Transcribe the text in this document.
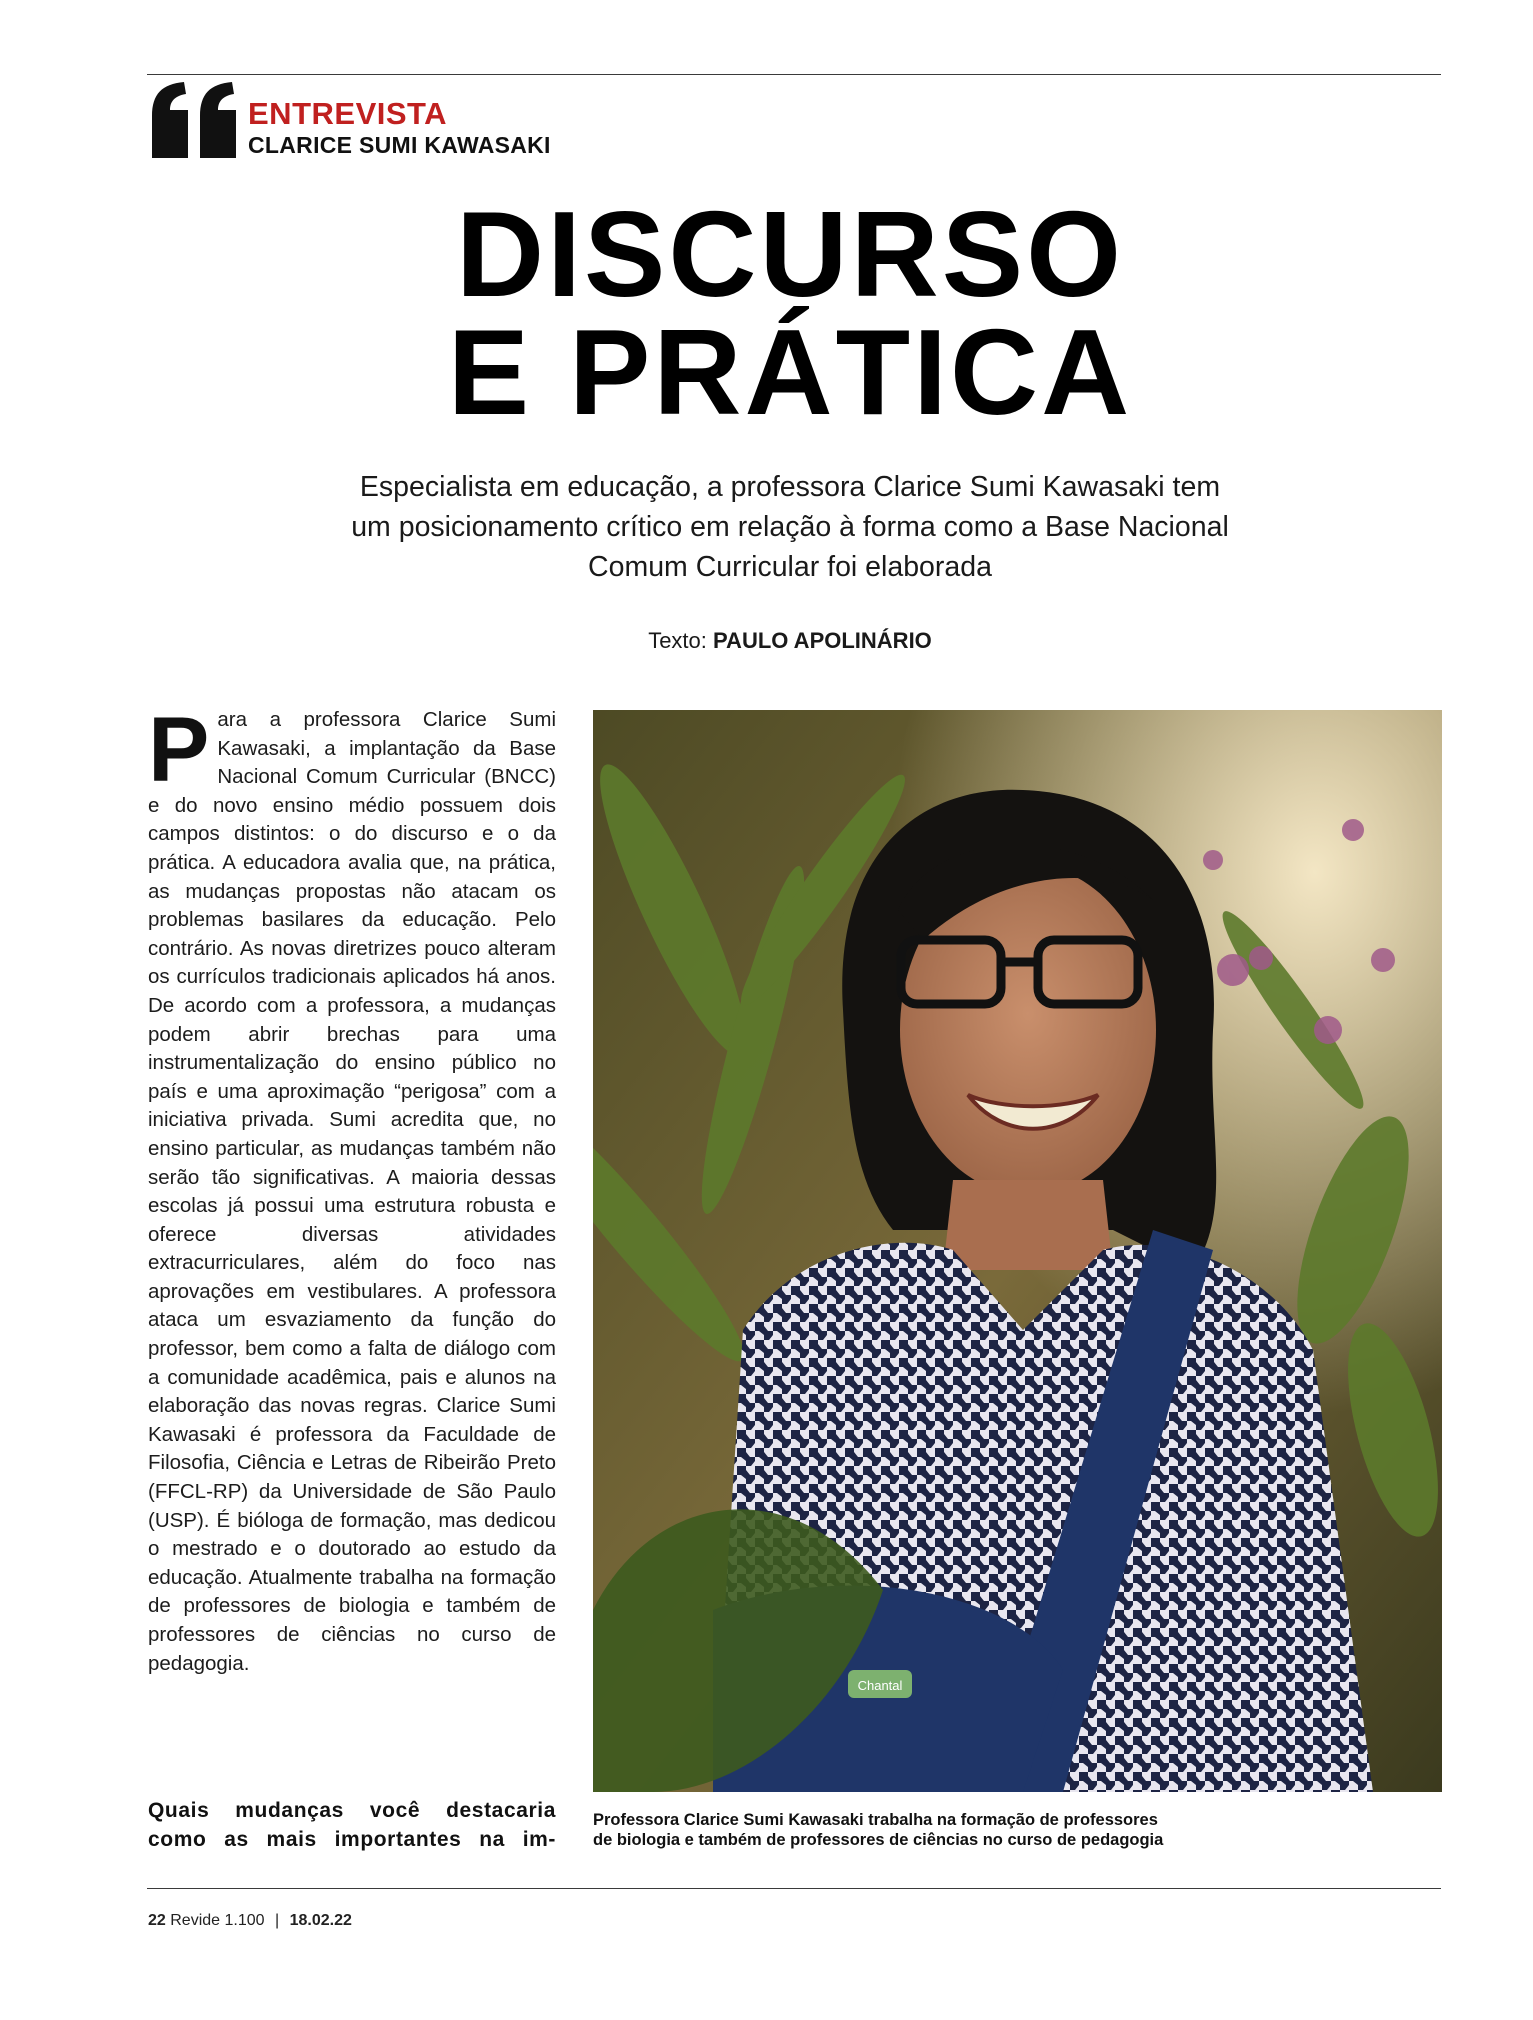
ENTREVISTA
CLARICE SUMI KAWASAKI
DISCURSO
E PRÁTICA
Especialista em educação, a professora Clarice Sumi Kawasaki tem um posicionamento crítico em relação à forma como a Base Nacional Comum Curricular foi elaborada
Texto: PAULO APOLINÁRIO
P ara a professora Clarice Sumi Kawasaki, a implantação da Base Nacional Comum Curricular (BNCC) e do novo ensino médio possuem dois campos distintos: o do discurso e o da prática. A educadora avalia que, na prática, as mudanças propostas não atacam os problemas basilares da educação. Pelo contrário. As novas diretrizes pouco alteram os currículos tradicionais aplicados há anos. De acordo com a professora, a mudanças podem abrir brechas para uma instrumentalização do ensino público no país e uma aproximação “perigosa” com a iniciativa privada. Sumi acredita que, no ensino particular, as mudanças também não serão tão significativas. A maioria dessas escolas já possui uma estrutura robusta e oferece diversas atividades extracurriculares, além do foco nas aprovações em vestibulares. A professora ataca um esvaziamento da função do professor, bem como a falta de diálogo com a comunidade acadêmica, pais e alunos na elaboração das novas regras. Clarice Sumi Kawasaki é professora da Faculdade de Filosofia, Ciência e Letras de Ribeirão Preto (FFCL-RP) da Universidade de São Paulo (USP). É bióloga de formação, mas dedicou o mestrado e o doutorado ao estudo da educação. Atualmente trabalha na formação de professores de biologia e também de professores de ciências no curso de pedagogia.
Quais mudanças você destacaria como as mais importantes na im-
Chantal
Professora Clarice Sumi Kawasaki trabalha na formação de professores
de biologia e também de professores de ciências no curso de pedagogia
22 Revide 1.100 | 18.02.22
